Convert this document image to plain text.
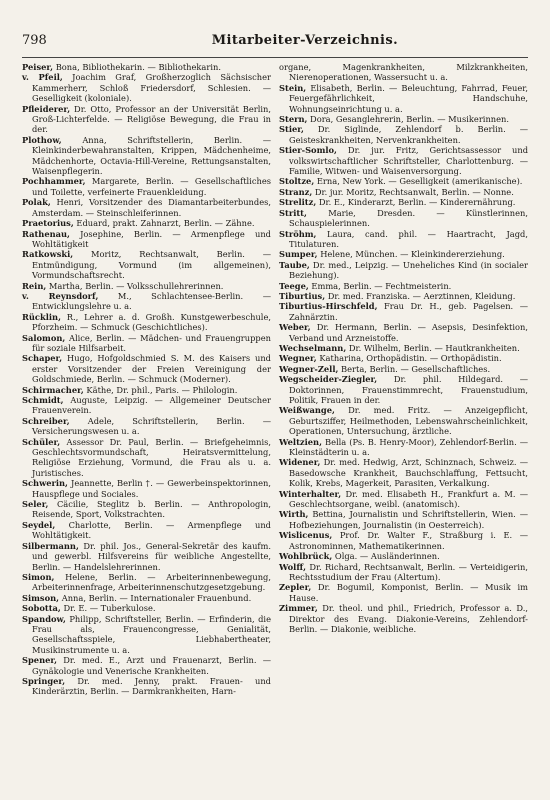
798	Mitarbeiter-Verzeichnis.

Peiser, Bona, Bibliothekarin. — Bibliothekarin.

v. Pfeil, Joachim Graf, Großherzoglich Sächsischer Kammerherr, Schloß Friedersdorf, Schlesien. — Geselligkeit (koloniale).

Pfleiderer, Dr. Otto, Professor an der Universität Berlin, Groß-Lichterfelde. — Religiöse Bewegung, die Frau in der.

Plothow, Anna, Schriftstellerin, Berlin. — Kleinkinderbewahranstalten, Krippen, Mädchenheime, Mädchenhorte, Octavia-Hill-Vereine, Rettungsanstalten, Waisenpflegerin.

Pochhammer, Margarete, Berlin. — Gesellschaftliches und Toilette, verfeinerte Frauenkleidung.

Polak, Henri, Vorsitzender des Diamantarbeiterbundes, Amsterdam. — Steinschleiferinnen.

Praetorius, Eduard, prakt. Zahnarzt, Berlin. — Zähne.

Rathenau, Josephine, Berlin. — Armenpflege und Wohltätigkeit

Ratkowski, Moritz, Rechtsanwalt, Berlin. — Entmündigung, Vormund (im allgemeinen), Vormundschaftsrecht.

Rein, Martha, Berlin. — Volksschullehrerinnen.

v. Reynsdorf, M., Schlachtensee-Berlin. — Entwicklungslehre u. a.

Rücklin, R., Lehrer a. d. Großh. Kunstgewerbeschule, Pforzheim. — Schmuck (Geschichtliches).

Salomon, Alice, Berlin. — Mädchen- und Frauengruppen für soziale Hilfsarbeit.

Schaper, Hugo, Hofgoldschmied S. M. des Kaisers und erster Vorsitzender der Freien Vereinigung der Goldschmiede, Berlin. — Schmuck (Moderner).

Schirmacher, Käthe, Dr. phil., Paris. — Philologin.

Schmidt, Auguste, Leipzig. — Allgemeiner Deutscher Frauenverein.

Schreiber, Adele, Schriftstellerin, Berlin. — Versicherungswesen u. a.

Schüler, Assessor Dr. Paul, Berlin. — Briefgeheimnis, Geschlechtsvormundschaft, Heiratsvermittelung, Religiöse Erziehung, Vormund, die Frau als u. a. Juristisches.

Schwerin, Jeannette, Berlin †. — Gewerbeinspektorinnen, Hauspflege und Sociales.

Seler, Cäcilie, Steglitz b. Berlin. — Anthropologin, Reisende, Sport, Volkstrachten.

Seydel, Charlotte, Berlin. — Armenpflege und Wohltätigkeit.

Silbermann, Dr. phil. Jos., General-Sekretär des kaufm. und gewerbl. Hilfsvereins für weibliche Angestellte, Berlin. — Handelslehrerinnen.

Simon, Helene, Berlin. — Arbeiterinnenbewegung, Arbeiterinnenfrage, Arbeiterinnenschutzgesetzgebung.

Simson, Anna, Berlin. — Internationaler Frauenbund.

Sobotta, Dr. E. — Tuberkulose.

Spandow, Philipp, Schriftsteller, Berlin. — Erfinderin, die Frau als, Frauencongresse, Genialität, Gesellschaftsspiele, Liebhabertheater, Musikinstrumente u. a.

Spener, Dr. med. E., Arzt und Frauenarzt, Berlin. — Gynäkologie und Venerische Krankheiten.

Springer, Dr. med. Jenny, prakt. Frauen- und Kinderärztin, Berlin. — Darmkrankheiten, Harn-

organe, Magenkrankheiten, Milzkrankheiten, Nierenoperationen, Wassersucht u. a.

Stein, Elisabeth, Berlin. — Beleuchtung, Fahrrad, Feuer, Feuergefährlichkeit, Handschuhe, Wohnungseinrichtung u. a.

Stern, Dora, Gesanglehrerin, Berlin. — Musikerinnen.

Stier, Dr. Siglinde, Zehlendorf b. Berlin. — Geisteskrankheiten, Nervenkrankheiten.

Stier-Somlo, Dr. jur. Fritz, Gerichtsassessor und volkswirtschaftlicher Schriftsteller, Charlottenburg. — Familie, Witwen- und Waisenversorgung.

Stoltze, Erna, New York. — Geselligkeit (amerikanische).

Stranz, Dr. jur. Moritz, Rechtsanwalt, Berlin. — Nonne.

Strelitz, Dr. E., Kinderarzt, Berlin. — Kinderernährung.

Stritt,	Marie, Dresden. — Künstlerinnen, Schauspielerinnen.

Ströhm, Laura, cand. phil. — Haartracht, Jagd, Titulaturen.

Sumper, Helene, München. — Kleinkindererziehung.

Taube, Dr. med., Leipzig. — Uneheliches Kind (in socialer Beziehung).

Teege, Emma, Berlin. — Fechtmeisterin.

Tiburtius, Dr. med. Franziska. — Aerztinnen, Kleidung.

Tiburtius-Hirschfeld, Frau Dr. H., geb. Pagelsen. — Zahnärztin.

Weber, Dr. Hermann, Berlin. — Asepsis, Desinfektion, Verband und Arzneistoffe.

Wechselmann, Dr. Wilhelm, Berlin. — Hautkrankheiten.

Wegner, Katharina, Orthopädistin. — Orthopädistin.

Wegner-Zell, Berta, Berlin. — Gesellschaftliches.

Wegscheider-Ziegler, Dr. phil. Hildegard. — Doktorinnen, Frauenstimmrecht, Frauenstudium, Politik, Frauen in der.

Weißwange, Dr. med. Fritz. — Anzeigepflicht, Geburtsziffer, Heilmethoden, Lebenswahrscheinlichkeit, Operationen, Untersuchung, ärztliche.

Weltzien, Bella (Ps. B. Henry-Moor), Zehlendorf-Berlin. — Kleinstädterin u. a.

Widener, Dr. med. Hedwig, Arzt, Schinznach, Schweiz. — Basedowsche Krankheit, Bauchschlaffung, Fettsucht, Kolik, Krebs, Magerkeit, Parasiten, Verkalkung.

Winterhalter, Dr. med. Elisabeth H., Frankfurt a. M. — Geschlechtsorgane, weibl. (anatomisch).

Wirth, Bettina, Journalistin und Schriftstellerin, Wien. — Hofbeziehungen, Journalistin (in Oesterreich).

Wislicenus, Prof. Dr. Walter F., Straßburg i. E. — Astronominnen, Mathematikerinnen.

Wohlbrück, Olga. — Ausländerinnen.

Wolff, Dr. Richard, Rechtsanwalt, Berlin. — Verteidigerin, Rechtsstudium der Frau (Altertum).

Zepler, Dr. Bogumil, Komponist, Berlin. — Musik im Hause.

Zimmer, Dr. theol. und phil., Friedrich, Professor a. D., Direktor des Evang. Diakonie-Vereins, Zehlendorf-Berlin. — Diakonie, weibliche.
